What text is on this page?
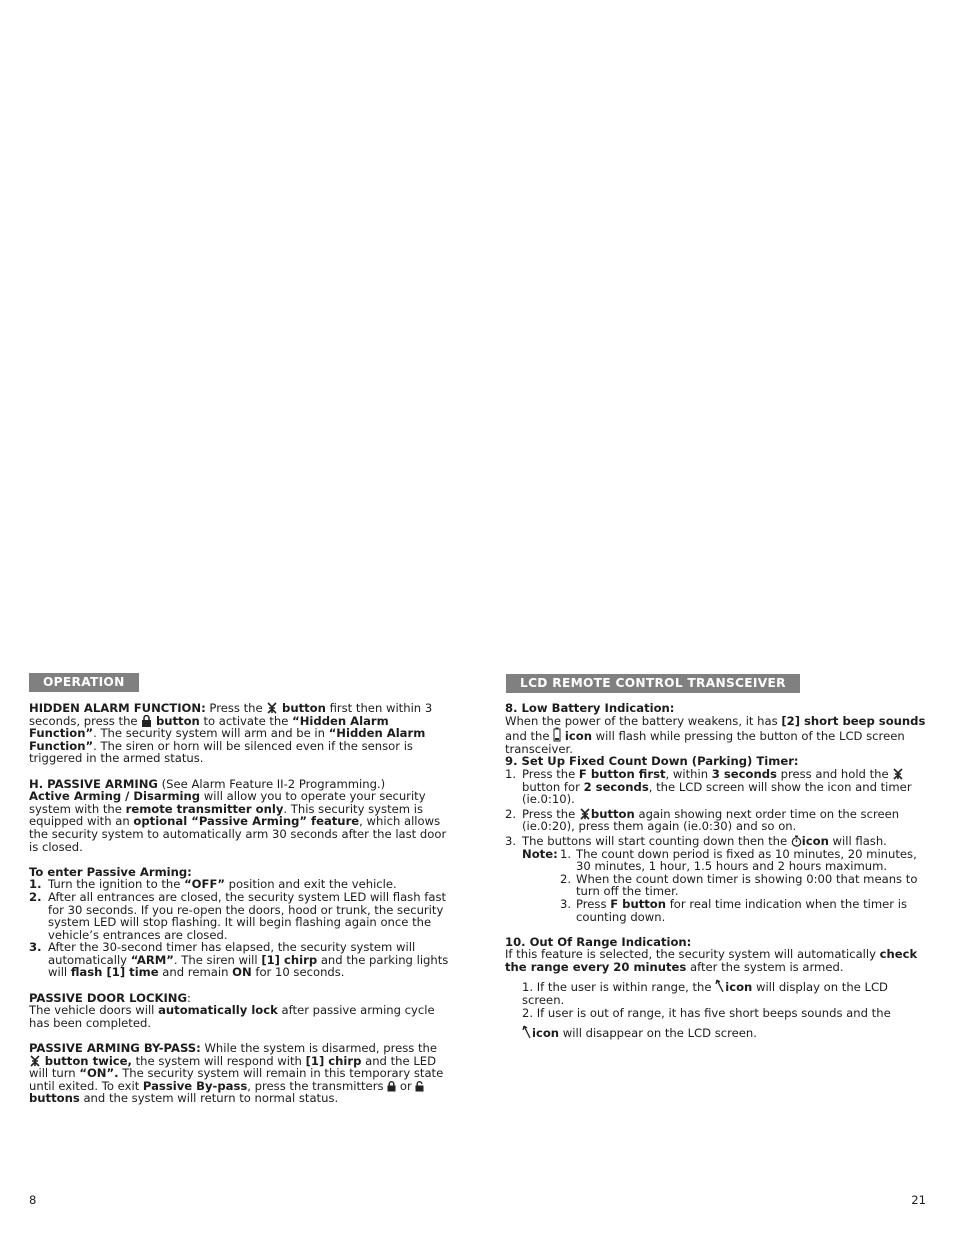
OPERATION

HIDDEN ALARM FUNCTION: Press the  button first then within 3 seconds, press the  button to activate the “Hidden Alarm Function”. The security system will arm and be in “Hidden Alarm Function”. The siren or horn will be silenced even if the sensor is triggered in the armed status.

H. PASSIVE ARMING (See Alarm Feature II-2 Programming.)
Active Arming / Disarming will allow you to operate your security system with the remote transmitter only. This security system is equipped with an optional “Passive Arming” feature, which allows the security system to automatically arm 30 seconds after the last door is closed.

To enter Passive Arming:

1. Turn the ignition to the “OFF” position and exit the vehicle.
2. After all entrances are closed, the security system LED will flash fast for 30 seconds. If you re-open the doors, hood or trunk, the security system LED will stop flashing. It will begin flashing again once the vehicle’s entrances are closed.
3. After the 30-second timer has elapsed, the security system will automatically “ARM”. The siren will [1] chirp and the parking lights will flash [1] time and remain ON for 10 seconds.

PASSIVE DOOR LOCKING:
The vehicle doors will automatically lock after passive arming cycle has been completed.

PASSIVE ARMING BY-PASS: While the system is disarmed, press the  button twice, the system will respond with [1] chirp and the LED will turn “ON”. The security system will remain in this temporary state until exited. To exit Passive By-pass, press the transmitters  or  buttons and the system will return to normal status.

LCD REMOTE CONTROL TRANSCEIVER

8. Low Battery Indication:

When the power of the battery weakens, it has [2] short beep sounds
and the  icon will flash while pressing the button of the LCD screen transceiver.

9. Set Up Fixed Count Down (Parking) Timer:

1. Press the F button first, within 3 seconds press and hold the button for 2 seconds, the LCD screen will show the icon and timer (ie.0:10).
2. Press the button again showing next order time on the screen (ie.0:20), press them again (ie.0:30) and so on.
3. The buttons will start counting down then the icon will flash.
Note: 1. The count down period is fixed as 10 minutes, 20 minutes, 30 minutes, 1 hour, 1.5 hours and 2 hours maximum.
2. When the count down timer is showing 0:00 that means to turn off the timer.
3. Press F button for real time indication when the timer is counting down.

10. Out Of Range Indication:

If this feature is selected, the security system will automatically check the range every 20 minutes after the system is armed.

1. If the user is within range, the icon will display on the LCD screen.

2. If user is out of range, it has five short beeps sounds and the

icon will disappear on the LCD screen.

8	21
